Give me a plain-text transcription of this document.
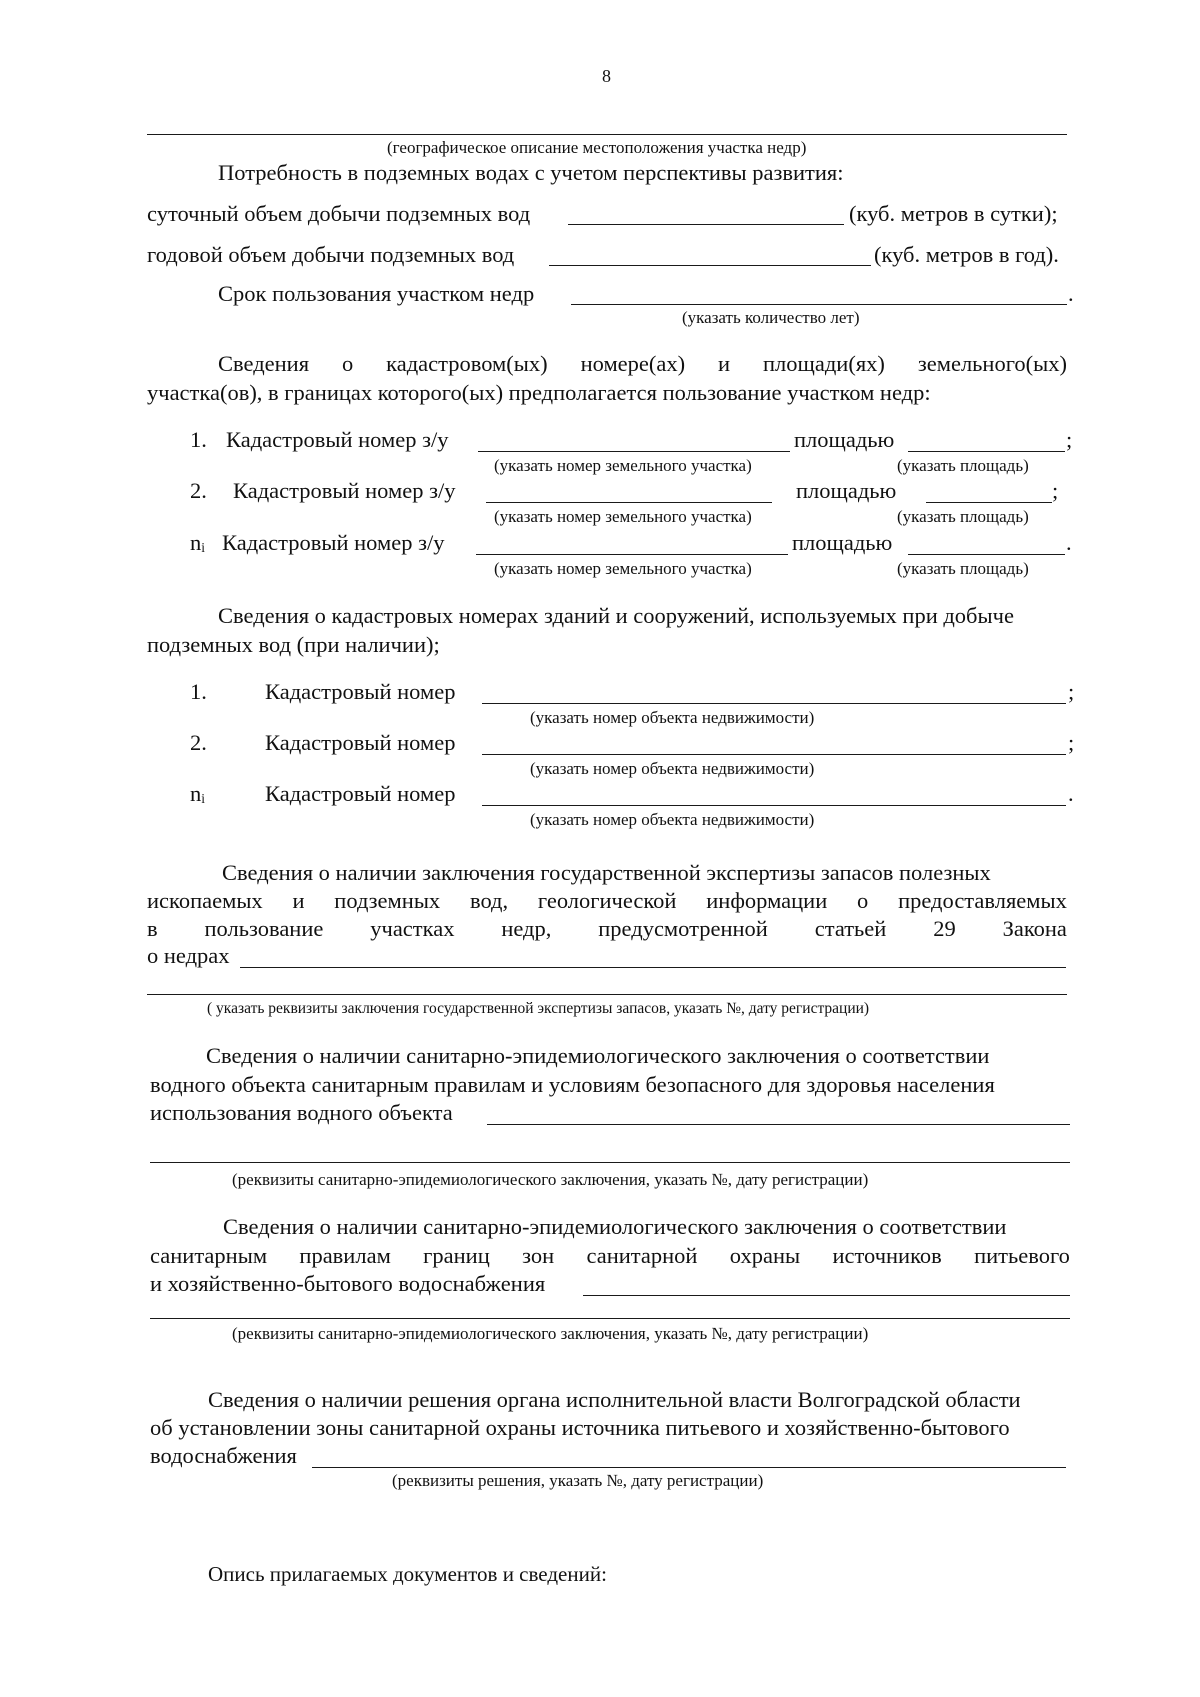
8
(географическое описание местоположения участка недр)
Потребность в подземных водах с учетом перспективы развития:
суточный объем добычи подземных вод	(куб. метров в сутки);
годовой объем добычи подземных вод	(куб. метров в год).
Срок пользования участком недр	.
(указать количество лет)
Сведения о кадастровом(ых) номере(ах) и площади(ях) земельного(ых)
участка(ов), в границах которого(ых) предполагается пользование участком недр:
1. Кадастровый номер з/у	площадью	;
(указать номер земельного участка)	(указать площадь)
2. Кадастровый номер з/у	площадью	;
(указать номер земельного участка)	(указать площадь)
nᵢ Кадастровый номер з/у	площадью	.
(указать номер земельного участка)	(указать площадь)
Сведения о кадастровых номерах зданий и сооружений, используемых при добыче
подземных вод (при наличии);
1.	Кадастровый номер	;
(указать номер объекта недвижимости)
2.	Кадастровый номер	;
(указать номер объекта недвижимости)
nᵢ	Кадастровый номер	.
(указать номер объекта недвижимости)
Сведения о наличии заключения государственной экспертизы запасов полезных
ископаемых и подземных вод, геологической информации о предоставляемых
в пользование участках недр, предусмотренной статьей 29 Закона
о недрах
( указать реквизиты заключения государственной экспертизы запасов, указать №, дату регистрации)
Сведения о наличии санитарно-эпидемиологического заключения о соответствии
водного объекта санитарным правилам и условиям безопасного для здоровья населения
использования водного объекта
(реквизиты санитарно-эпидемиологического заключения, указать №, дату регистрации)
Сведения о наличии санитарно-эпидемиологического заключения о соответствии
санитарным правилам границ зон санитарной охраны источников питьевого
и хозяйственно-бытового водоснабжения
(реквизиты санитарно-эпидемиологического заключения, указать №, дату регистрации)
Сведения о наличии решения органа исполнительной власти Волгоградской области
об установлении зоны санитарной охраны источника питьевого и хозяйственно-бытового
водоснабжения
(реквизиты решения, указать №, дату регистрации)
Опись прилагаемых документов и сведений:
